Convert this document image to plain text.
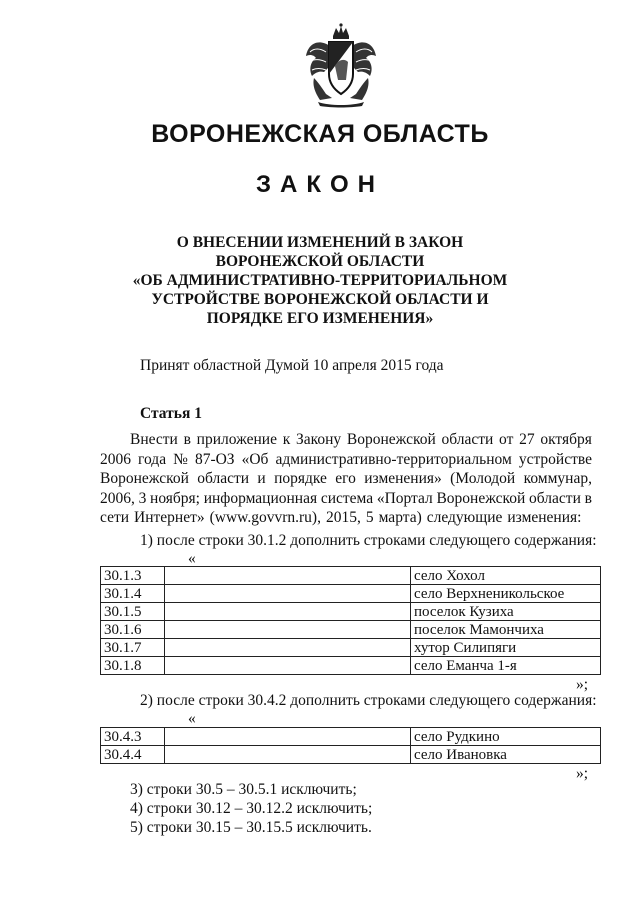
ВОРОНЕЖСКАЯ ОБЛАСТЬ
ЗАКОН
О ВНЕСЕНИИ ИЗМЕНЕНИЙ В ЗАКОН
ВОРОНЕЖСКОЙ ОБЛАСТИ
«ОБ АДМИНИСТРАТИВНО-ТЕРРИТОРИАЛЬНОМ
УСТРОЙСТВЕ ВОРОНЕЖСКОЙ ОБЛАСТИ И
ПОРЯДКЕ ЕГО ИЗМЕНЕНИЯ»
Принят областной Думой 10 апреля 2015 года
Статья 1
Внести в приложение к Закону Воронежской области от 27 октября
2006 года № 87-ОЗ «Об административно-территориальном устройстве
Воронежской области и порядке его изменения» (Молодой коммунар,
2006, 3 ноября; информационная система «Портал Воронежской области в
сети Интернет» (www.govvrn.ru), 2015, 5 марта) следующие изменения:
1) после строки 30.1.2 дополнить строками следующего содержания:
«
30.1.3		село Хохол
30.1.4		село Верхненикольское
30.1.5		поселок Кузиха
30.1.6		поселок Мамончиха
30.1.7		хутор Силипяги
30.1.8		село Еманча 1-я
»;
2) после строки 30.4.2 дополнить строками следующего содержания:
«
30.4.3		село Рудкино
30.4.4		село Ивановка
»;
3) строки 30.5 – 30.5.1 исключить;
4) строки 30.12 – 30.12.2 исключить;
5) строки 30.15 – 30.15.5 исключить.
